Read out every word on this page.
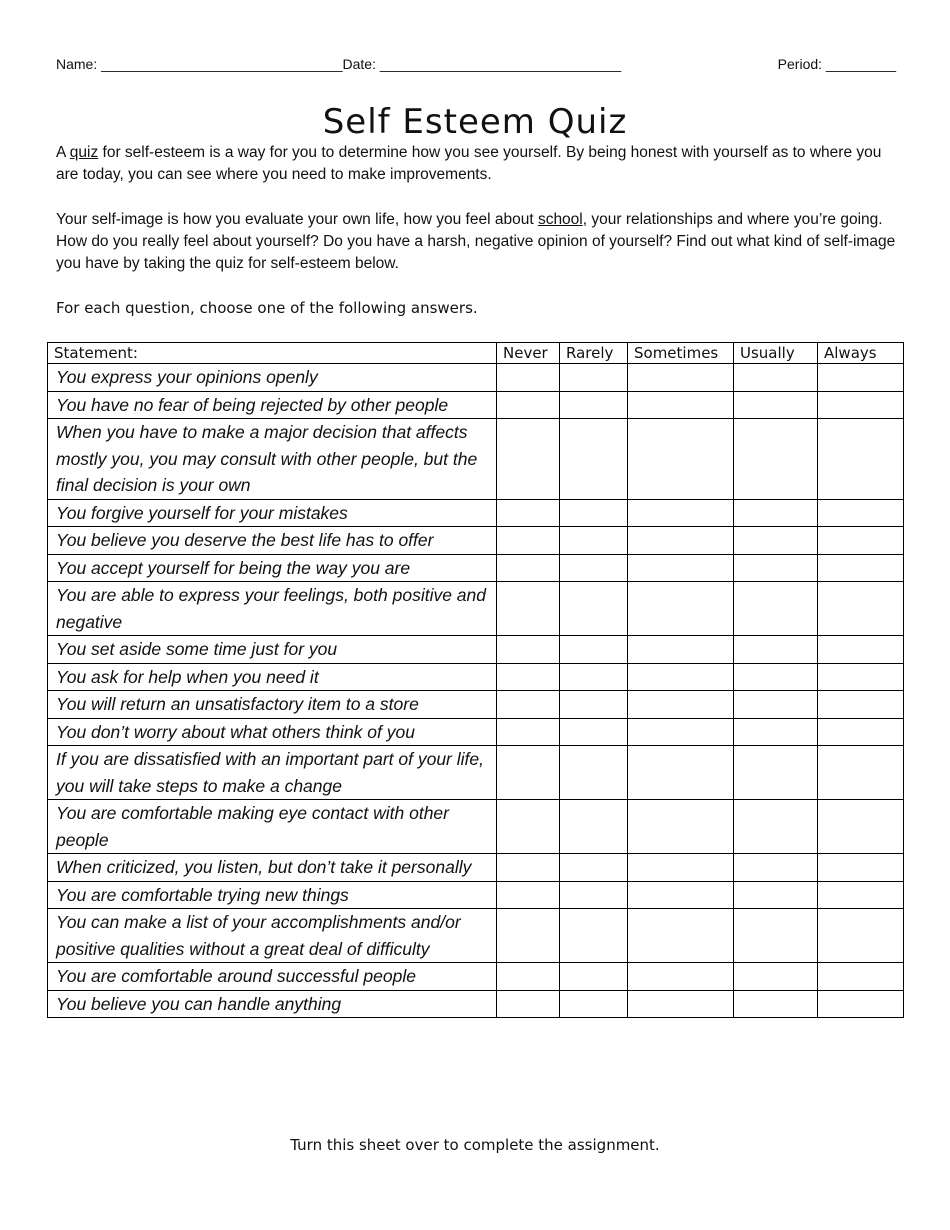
Name: _______________________________Date: _______________________________	Period: _________
Self Esteem Quiz

A quiz for self-esteem is a way for you to determine how you see yourself. By being honest with yourself as to where you are today, you can see where you need to make improvements.

Your self-image is how you evaluate your own life, how you feel about school, your relationships and where you’re going. How do you really feel about yourself? Do you have a harsh, negative opinion of yourself? Find out what kind of self-image you have by taking the quiz for self-esteem below.

For each question, choose one of the following answers.
Statement:	Never	Rarely	Sometimes	Usually	Always
You express your opinions openly					
You have no fear of being rejected by other people					
When you have to make a major decision that affects mostly you, you may consult with other people, but the final decision is your own					
You forgive yourself for your mistakes					
You believe you deserve the best life has to offer					
You accept yourself for being the way you are					
You are able to express your feelings, both positive and negative					
You set aside some time just for you					
You ask for help when you need it					
You will return an unsatisfactory item to a store					
You don’t worry about what others think of you					
If you are dissatisfied with an important part of your life, you will take steps to make a change					
You are comfortable making eye contact with other people					
When criticized, you listen, but don’t take it personally					
You are comfortable trying new things					
You can make a list of your accomplishments and/or positive qualities without a great deal of difficulty					
You are comfortable around successful people					
You believe you can handle anything					
Turn this sheet over to complete the assignment.
